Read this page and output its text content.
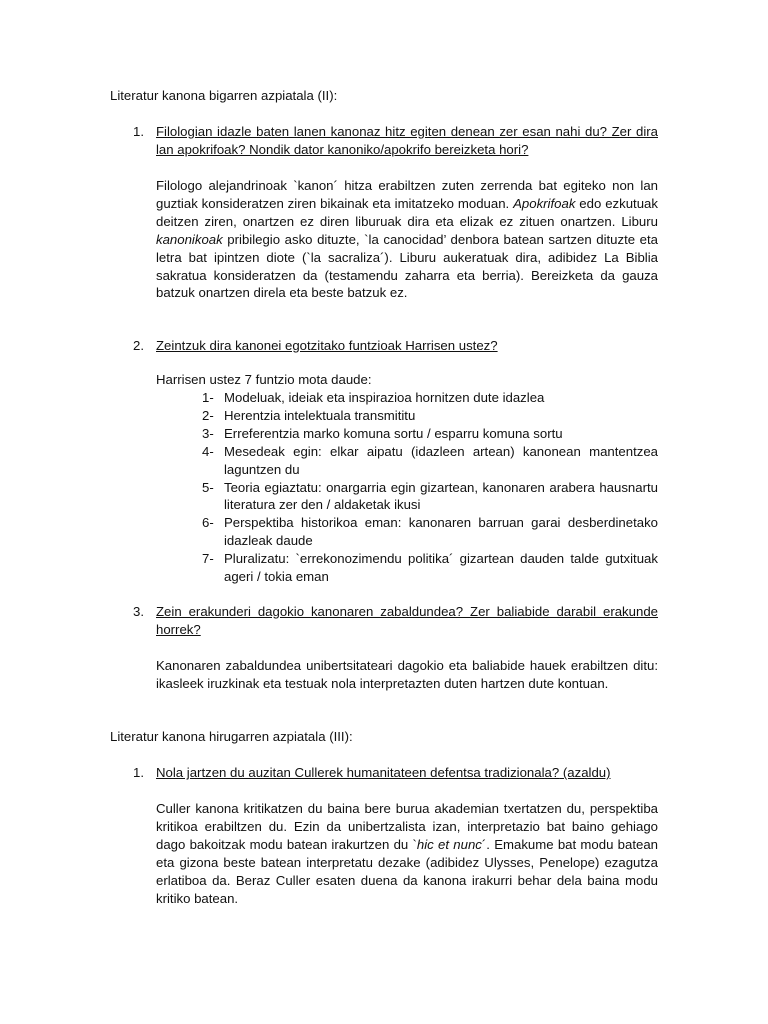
Literatur kanona bigarren azpiatala (II):
1. Filologian idazle baten lanen kanonaz hitz egiten denean zer esan nahi du? Zer dira lan apokrifoak? Nondik dator kanoniko/apokrifo bereizketa hori?

Filologo alejandrinoak `kanon´ hitza erabiltzen zuten zerrenda bat egiteko non lan guztiak konsideratzen ziren bikainak eta imitatzeko moduan. Apokrifoak edo ezkutuak deitzen ziren, onartzen ez diren liburuak dira eta elizak ez zituen onartzen. Liburu kanonikoak pribilegio asko dituzte, `la canocidad’ denbora batean sartzen dituzte eta letra bat ipintzen diote (`la sacraliza´). Liburu aukeratuak dira, adibidez La Biblia sakratua konsideratzen da (testamendu zaharra eta berria). Bereizketa da gauza batzuk onartzen direla eta beste batzuk ez.

2. Zeintzuk dira kanonei egotzitako funtzioak Harrisen ustez?
Harrisen ustez 7 funtzio mota daude:
1- Modeluak, ideiak eta inspirazioa hornitzen dute idazlea
2- Herentzia intelektuala transmititu
3- Erreferentzia marko komuna sortu / esparru komuna sortu
4- Mesedeak egin: elkar aipatu (idazleen artean) kanonean mantentzea laguntzen du
5- Teoria egiaztatu: onargarria egin gizartean, kanonaren arabera hausnartu literatura zer den / aldaketak ikusi
6- Perspektiba historikoa eman: kanonaren barruan garai desberdinetako idazleak daude
7- Pluralizatu: `errekonozimendu politika´ gizartean dauden talde gutxituak ageri / tokia eman
3. Zein erakunderi dagokio kanonaren zabaldundea? Zer baliabide darabil erakunde horrek?

Kanonaren zabaldundea unibertsitateari dagokio eta baliabide hauek erabiltzen ditu: ikasleek iruzkinak eta testuak nola interpretazten duten hartzen dute kontuan.

Literatur kanona hirugarren azpiatala (III):
1. Nola jartzen du auzitan Cullerek humanitateen defentsa tradizionala? (azaldu)

Culler kanona kritikatzen du baina bere burua akademian txertatzen du, perspektiba kritikoa erabiltzen du. Ezin da unibertzalista izan, interpretazio bat baino gehiago dago bakoitzak modu batean irakurtzen du `hic et nunc´. Emakume bat modu batean eta gizona beste batean interpretatu dezake (adibidez Ulysses, Penelope) ezagutza erlatiboa da. Beraz Culler esaten duena da kanona irakurri behar dela baina modu kritiko batean.
